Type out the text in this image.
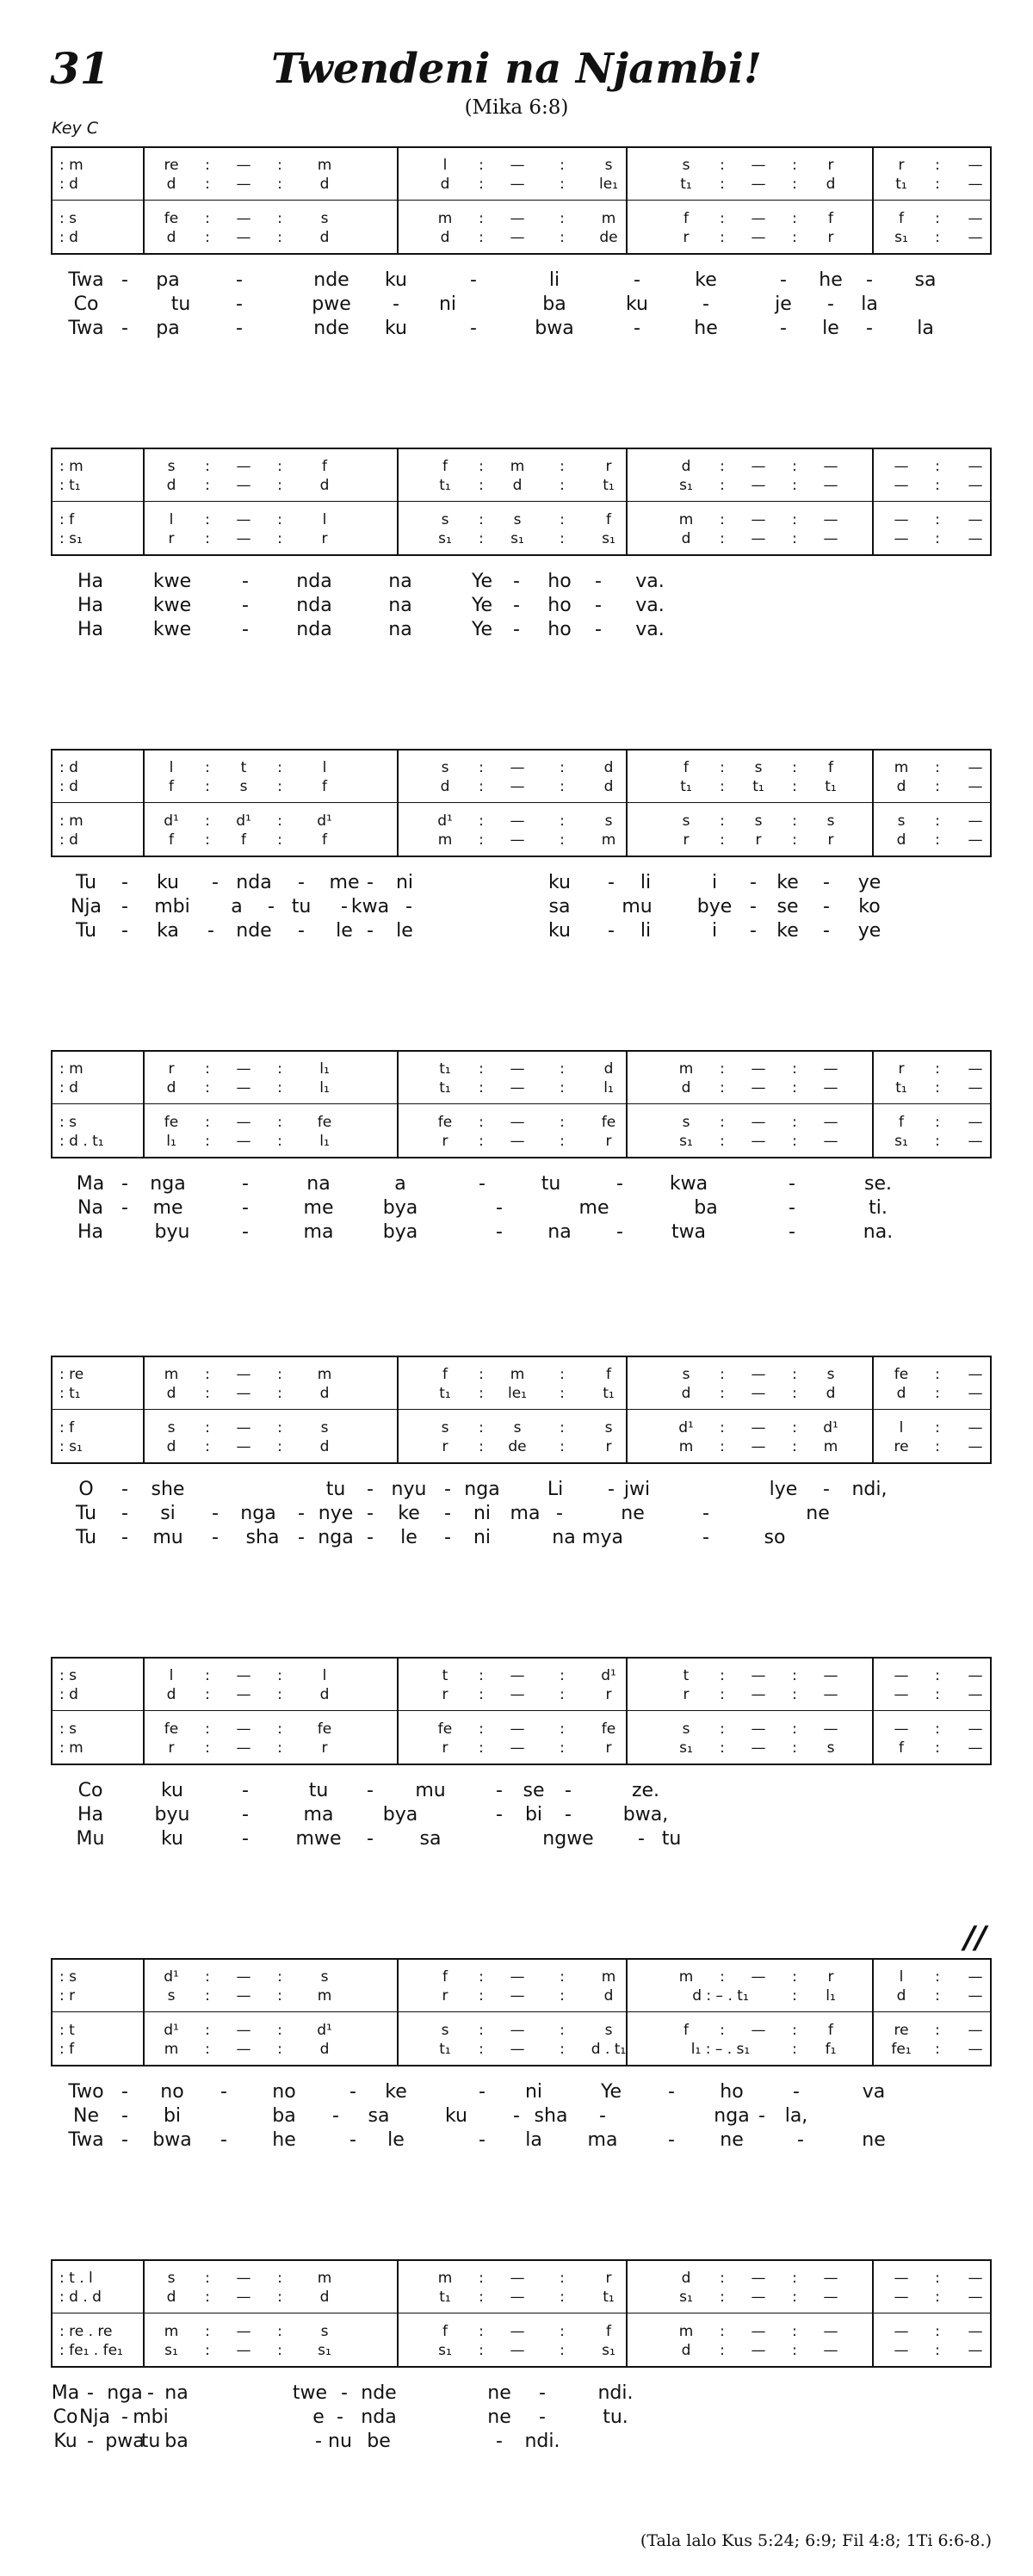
31	Twendeni na Njambi!
(Mika 6:8)
Key C
//
(Tala lalo Kus 5:24; 6:9; Fil 4:8; 1Ti 6:6-8.)
: m	re	:	—	:	m	l	:	—	:	s	s	:	—	:	r	r	:	—
: d	d	:	—	:	d	d	:	—	:	le₁	t₁	:	—	:	d	t₁	:	—
: s	fe	:	—	:	s	m	:	—	:	m	f	:	—	:	f	f	:	—
: d	d	:	—	:	d	d	:	—	:	de	r	:	—	:	r	s₁	:	—
Twa -	pa	-	nde	ku	-	li	-	ke	-	he	-	sa
Co	tu	-	pwe	-	ni	ba	ku	-	je	-	la
Twa -	pa	-	nde	ku	-	bwa	-	he	-	le	-	la
: m	s	:	—	:	f	f	:	m	:	r	d	:	—	:	—	—	:	—
: t₁	d	:	—	:	d	t₁	:	d	:	t₁	s₁	:	—	:	—	—	:	—
: f	l	:	—	:	l	s	:	s	:	f	m	:	—	:	—	—	:	—
: s₁	r	:	—	:	r	s₁	:	s₁	:	s₁	d	:	—	:	—	—	:	—
Ha	kwe	-	nda	na	Ye	-	ho	-	va.
Ha	kwe	-	nda	na	Ye	-	ho	-	va.
Ha	kwe	-	nda	na	Ye	-	ho	-	va.
: d	l	:	t	:	l	s	:	—	:	d	f	:	s	:	f	m	:	—
: d	f	:	s	:	f	d	:	—	:	d	t₁	:	t₁	:	t₁	d	:	—
: m	d¹	:	d¹	:	d¹	d¹	:	—	:	s	s	:	s	:	s	s	:	—
: d	f	:	f	:	f	m	:	—	:	m	r	:	r	:	r	d	:	—
Tu	-	ku	- nda	-	me -	ni	ku	-	li	i	-	ke	-	ye
Nja	-	mbi	a	- tu	- kwa -	sa	mu	bye -	se	-	ko
Tu	-	ka	-	nde	-	le -	le	ku	-	li	i	-	ke	-	ye
: m	r	:	—	:	l₁	t₁	:	—	:	d	m	:	—	:	—	r	:	—
: d	d	:	—	:	l₁	t₁	:	—	:	l₁	d	:	—	:	—	t₁	:	—
: s	fe	:	—	:	fe	fe	:	—	:	fe	s	:	—	:	—	f	:	—
: d . t₁	l₁	:	—	:	l₁	r	:	—	:	r	s₁	:	—	:	—	s₁	:	—
Ma -	nga	-	na	a	-	tu	-	kwa	-	se.
Na -	me	-	me	bya	-	me	ba	-	ti.
Ha	byu	-	ma	bya	-	na	-	twa	-	na.
: re	m	:	—	:	m	f	:	m	:	f	s	:	—	:	s	fe	:	—
: t₁	d	:	—	:	d	t₁	:	le₁	:	t₁	d	:	—	:	d	d	:	—
: f	s	:	—	:	s	s	:	s	:	s	d¹	:	—	:	d¹	l	:	—
: s₁	d	:	—	:	d	r	:	de	:	r	m	:	—	:	m	re	:	—
O	-	she	tu	- nyu - nga	Li	- jwi	lye	-	ndi,
Tu	-	si	-	nga	- nye -	ke	-	ni	ma -	ne	-	ne
Tu	-	mu	-	sha - nga -	le	-	ni	na mya	-	so
: s	l	:	—	:	l	t	:	—	:	d¹	t	:	—	:	—	—	:	—
: d	d	:	—	:	d	r	:	—	:	r	r	:	—	:	—	—	:	—
: s	fe	:	—	:	fe	fe	:	—	:	fe	s	:	—	:	—	—	:	—
: m	r	:	—	:	r	r	:	—	:	r	s₁	:	—	:	s	f	:	—
Co	ku	-	tu	-	mu	-	se	-	ze.
Ha	byu	-	ma	bya	-	bi	-	bwa,
Mu	ku	-	mwe	-	sa	ngwe	- tu
: s	d¹	:	—	:	s	f	:	—	:	m	m	:	—	:	r	l	:	—
: r	s	:	—	:	m	r	:	—	:	d	d : – . t₁	:	l₁	d	:	—
: t	d¹	:	—	:	d¹	s	:	—	:	s	f	:	—	:	f	re	:	—
: f	m	:	—	:	d	t₁	:	—	:	d . t₁	l₁ : – . s₁	:	f₁	fe₁	:	—
Two -	no	-	no	-	ke	-	ni	Ye	-	ho	-	va
Ne	-	bi	ba	-	sa	ku	- sha	-	nga -	la,
Twa -	bwa	-	he	-	le	-	la	ma	-	ne	-	ne
: t . l	s	:	—	:	m	m	:	—	:	r	d	:	—	:	—	—	:	—
: d . d	d	:	—	:	d	t₁	:	—	:	t₁	s₁	:	—	:	—	—	:	—
: re . re	m	:	—	:	s	f	:	—	:	f	m	:	—	:	—	—	:	—
: fe₁ . fe₁	s₁	:	—	:	s₁	s₁	:	—	:	s₁	d	:	—	:	—	—	:	—
Ma - nga - na	twe - nde	ne	-	ndi.
Co Nja - mbi	e - nda	ne	-	tu.
Ku - pwa
tu ba	- nu be	-	ndi.
